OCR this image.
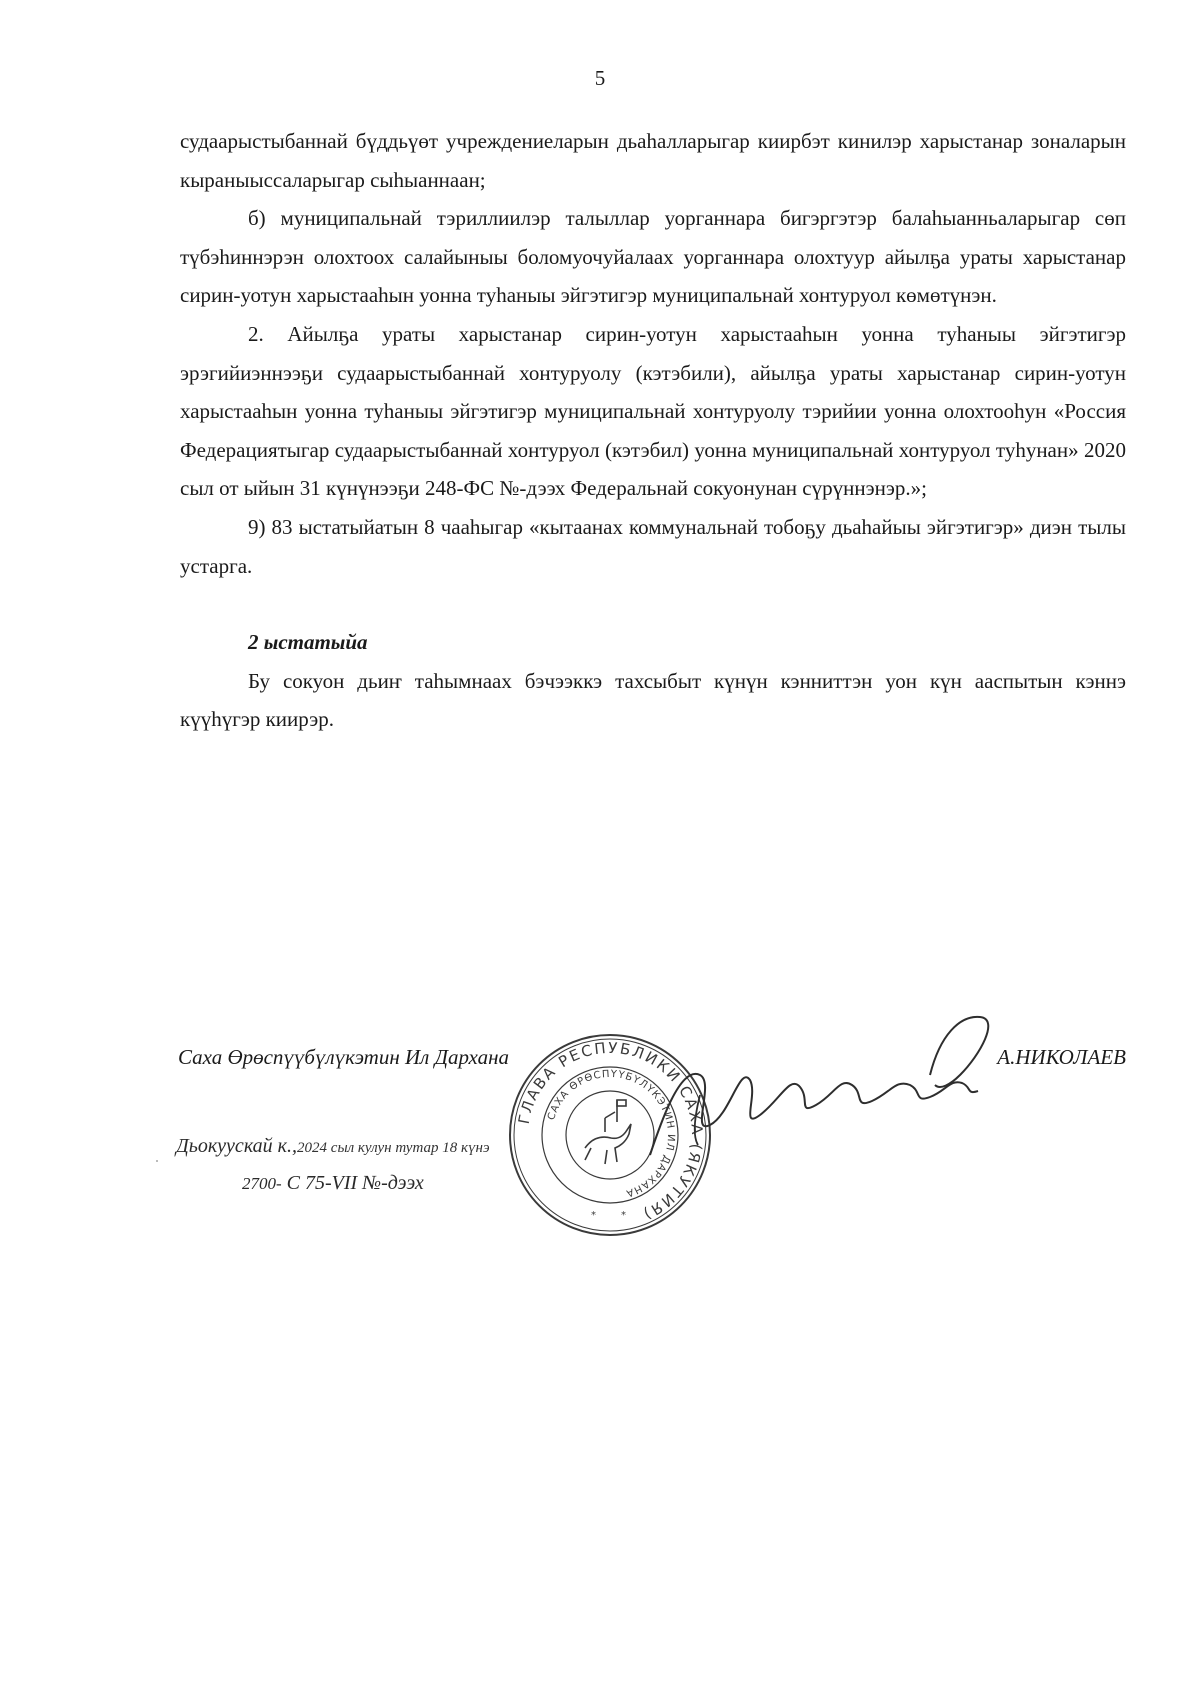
5

судаарыстыбаннай бүддьүөт учреждениеларын дьаhалларыгар киирбэт кинилэр харыстанар зоналарын кыраныыссаларыгар сыhыаннаан;

б) муниципальнай тэриллиилэр талыллар уорганнара бигэргэтэр балаhыанньаларыгар сөп түбэhиннэрэн олохтоох салайыныы боломуочуйалаах уорганнара олохтуур айылҕа ураты харыстанар сирин-уотун харыстааhын уонна туhаныы эйгэтигэр муниципальнай хонтуруол көмөтүнэн.

2. Айылҕа ураты харыстанар сирин-уотун харыстааhын уонна туhаныы эйгэтигэр эрэгийиэннээҕи судаарыстыбаннай хонтуруолу (кэтэбили), айылҕа ураты харыстанар сирин-уотун харыстааhын уонна туhаныы эйгэтигэр муниципальнай хонтуруолу тэрийии уонна олохтооhун «Россия Федерациятыгар судаарыстыбаннай хонтуруол (кэтэбил) уонна муниципальнай хонтуруол туhунан» 2020 сыл от ыйын 31 күнүнээҕи 248-ФС №-дээх Федеральнай сокуонунан сүрүннэнэр.»;

9) 83 ыстатыйатын 8 чааhыгар «кытаанах коммунальнай тобоҕу дьаhайыы эйгэтигэр» диэн тылы устарга.

2 ыстатыйа

Бу сокуон дьиҥ таhымнаах бэчээккэ тахсыбыт күнүн кэнниттэн уон күн ааспытын кэннэ күүhүгэр киирэр.

Саха Өрөспүүбүлүкэтин Ил Дархана	А.НИКОЛАЕВ
Дьокуускай к.,2024 сыл кулун тутар 18 күнэ
2700- С 75-VII №-дээх
ГЛАВА РЕСПУБЛИКИ САХА (ЯКУТИЯ)
САХА ӨРӨСПҮҮБҮЛҮКЭТИН ИЛ ДАРХАНА
*	*
